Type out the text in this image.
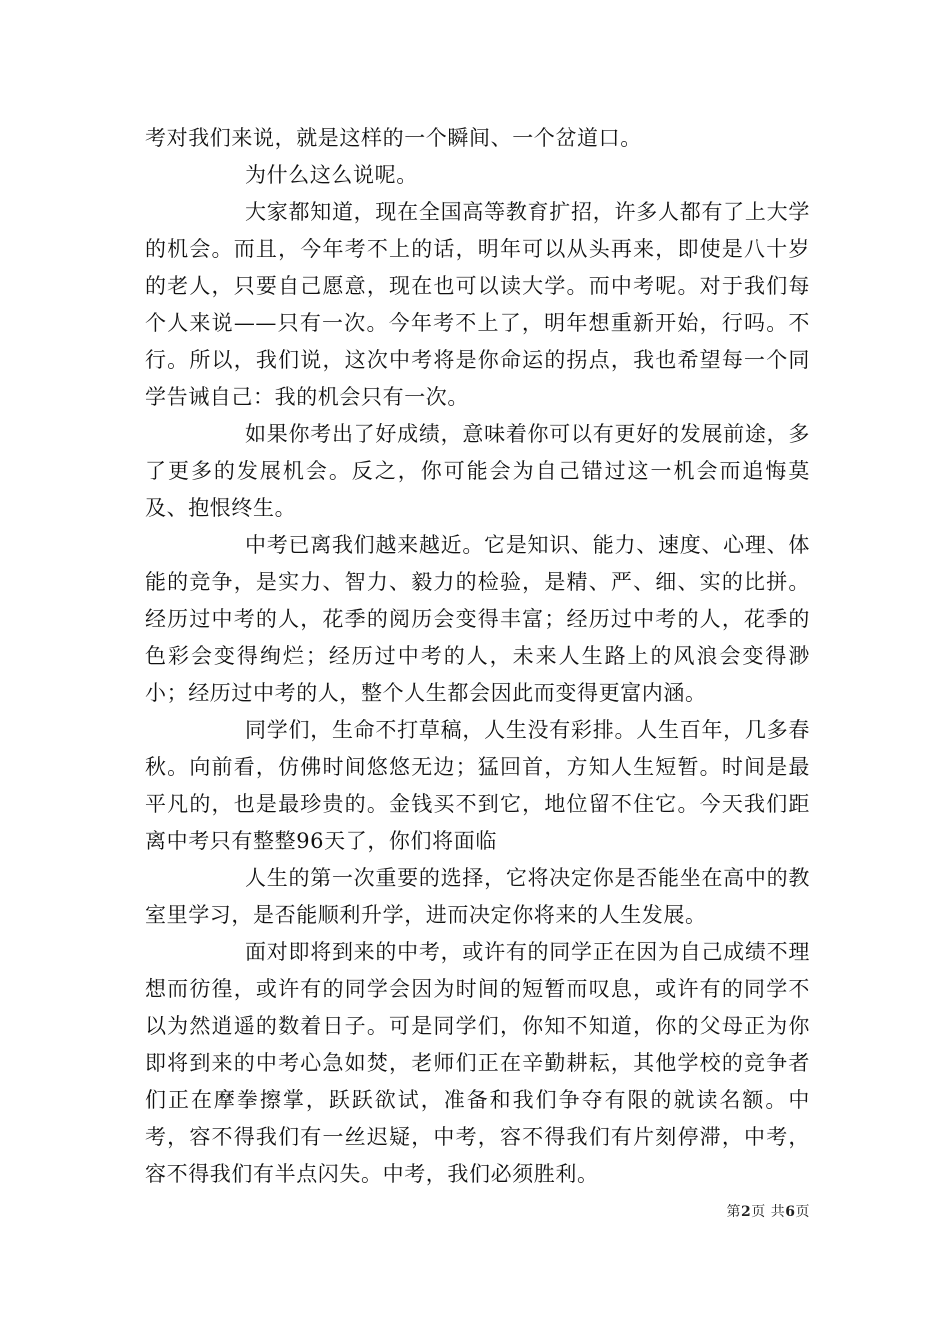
考对我们来说，就是这样的一个瞬间、一个岔道口。

为什么这么说呢。

大家都知道，现在全国高等教育扩招，许多人都有了上大学的机会。而且，今年考不上的话，明年可以从头再来，即使是八十岁的老人，只要自己愿意，现在也可以读大学。而中考呢。对于我们每个人来说——只有一次。今年考不上了，明年想重新开始，行吗。不行。所以，我们说，这次中考将是你命运的拐点，我也希望每一个同学告诫自己：我的机会只有一次。

如果你考出了好成绩，意味着你可以有更好的发展前途，多了更多的发展机会。反之，你可能会为自己错过这一机会而追悔莫及、抱恨终生。

中考已离我们越来越近。它是知识、能力、速度、心理、体能的竞争，是实力、智力、毅力的检验，是精、严、细、实的比拼。经历过中考的人，花季的阅历会变得丰富；经历过中考的人，花季的色彩会变得绚烂；经历过中考的人，未来人生路上的风浪会变得渺小；经历过中考的人，整个人生都会因此而变得更富内涵。

同学们，生命不打草稿，人生没有彩排。人生百年，几多春秋。向前看，仿佛时间悠悠无边；猛回首，方知人生短暂。时间是最平凡的，也是最珍贵的。金钱买不到它，地位留不住它。今天我们距离中考只有整整96天了，你们将面临

人生的第一次重要的选择，它将决定你是否能坐在高中的教室里学习，是否能顺利升学，进而决定你将来的人生发展。

面对即将到来的中考，或许有的同学正在因为自己成绩不理想而彷徨，或许有的同学会因为时间的短暂而叹息，或许有的同学不以为然逍遥的数着日子。可是同学们，你知不知道，你的父母正为你即将到来的中考心急如焚，老师们正在辛勤耕耘，其他学校的竞争者们正在摩拳擦掌，跃跃欲试，准备和我们争夺有限的就读名额。中考，容不得我们有一丝迟疑，中考，容不得我们有片刻停滞，中考，容不得我们有半点闪失。中考，我们必须胜利。

第2页 共6页
